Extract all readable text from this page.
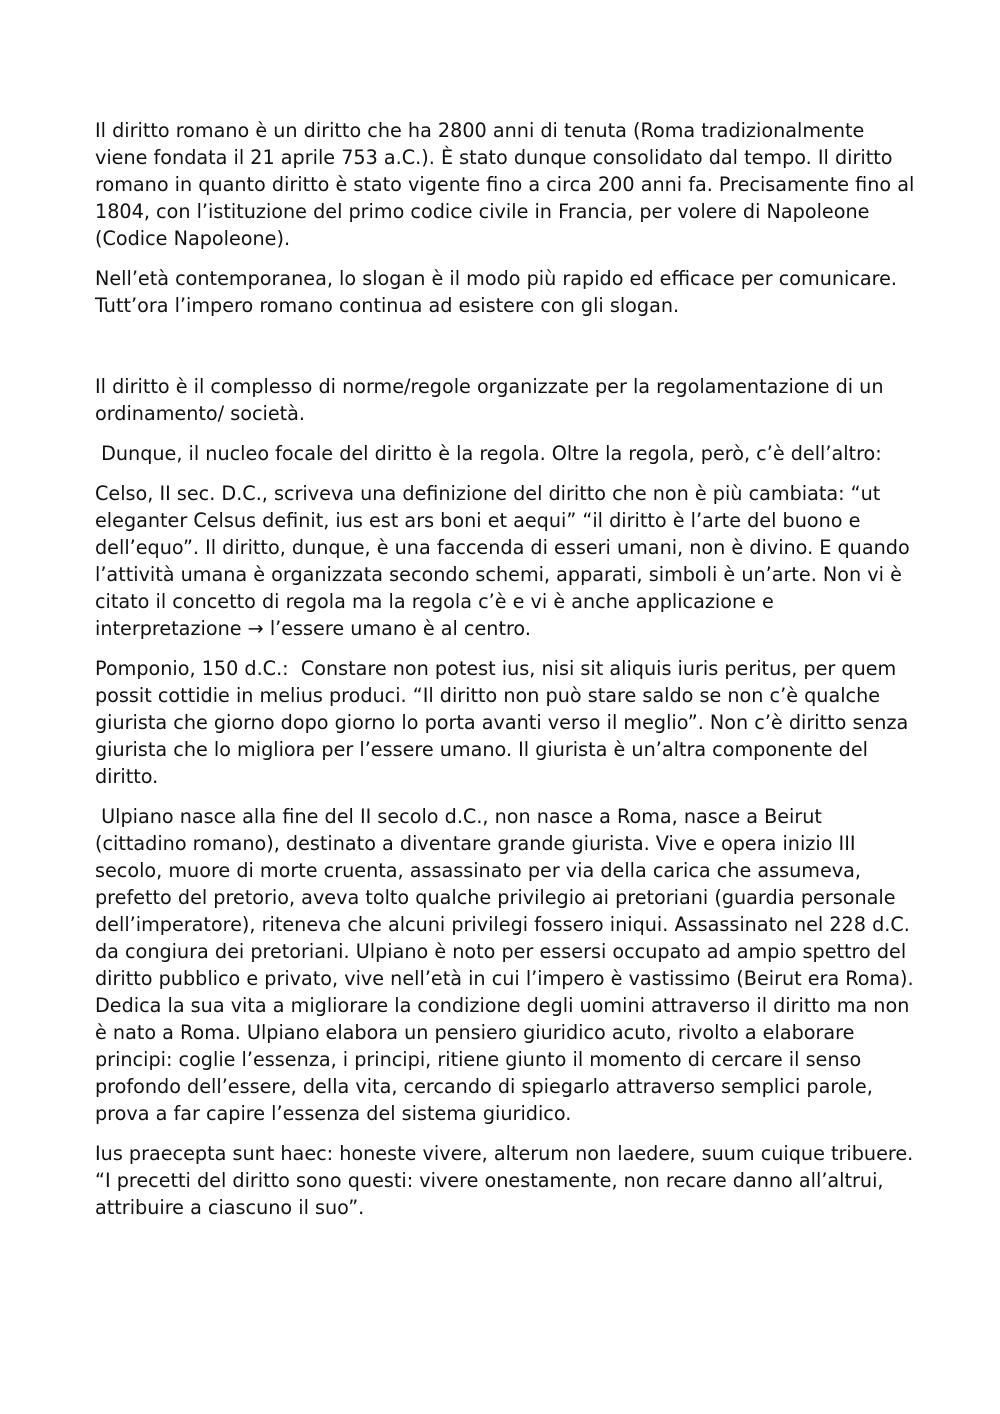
Il diritto romano è un diritto che ha 2800 anni di tenuta (Roma tradizionalmente viene fondata il 21 aprile 753 a.C.). È stato dunque consolidato dal tempo. Il diritto romano in quanto diritto è stato vigente fino a circa 200 anni fa. Precisamente fino al 1804, con l’istituzione del primo codice civile in Francia, per volere di Napoleone (Codice Napoleone).

Nell’età contemporanea, lo slogan è il modo più rapido ed efficace per comunicare. Tutt’ora l’impero romano continua ad esistere con gli slogan.

Il diritto è il complesso di norme/regole organizzate per la regolamentazione di un ordinamento/ società.

Dunque, il nucleo focale del diritto è la regola. Oltre la regola, però, c’è dell’altro:

Celso, II sec. D.C., scriveva una definizione del diritto che non è più cambiata: “ut eleganter Celsus definit, ius est ars boni et aequi” “il diritto è l’arte del buono e dell’equo”. Il diritto, dunque, è una faccenda di esseri umani, non è divino. E quando l’attività umana è organizzata secondo schemi, apparati, simboli è un’arte. Non vi è citato il concetto di regola ma la regola c’è e vi è anche applicazione e interpretazione → l’essere umano è al centro.

Pomponio, 150 d.C.:  Constare non potest ius, nisi sit aliquis iuris peritus, per quem possit cottidie in melius produci. “Il diritto non può stare saldo se non c’è qualche giurista che giorno dopo giorno lo porta avanti verso il meglio”. Non c’è diritto senza giurista che lo migliora per l’essere umano. Il giurista è un’altra componente del diritto.

Ulpiano nasce alla fine del II secolo d.C., non nasce a Roma, nasce a Beirut (cittadino romano), destinato a diventare grande giurista. Vive e opera inizio III secolo, muore di morte cruenta, assassinato per via della carica che assumeva, prefetto del pretorio, aveva tolto qualche privilegio ai pretoriani (guardia personale dell’imperatore), riteneva che alcuni privilegi fossero iniqui. Assassinato nel 228 d.C. da congiura dei pretoriani. Ulpiano è noto per essersi occupato ad ampio spettro del diritto pubblico e privato, vive nell’età in cui l’impero è vastissimo (Beirut era Roma). Dedica la sua vita a migliorare la condizione degli uomini attraverso il diritto ma non è nato a Roma. Ulpiano elabora un pensiero giuridico acuto, rivolto a elaborare principi: coglie l’essenza, i principi, ritiene giunto il momento di cercare il senso profondo dell’essere, della vita, cercando di spiegarlo attraverso semplici parole, prova a far capire l’essenza del sistema giuridico.

Ius praecepta sunt haec: honeste vivere, alterum non laedere, suum cuique tribuere.  “I precetti del diritto sono questi: vivere onestamente, non recare danno all’altrui, attribuire a ciascuno il suo”.
